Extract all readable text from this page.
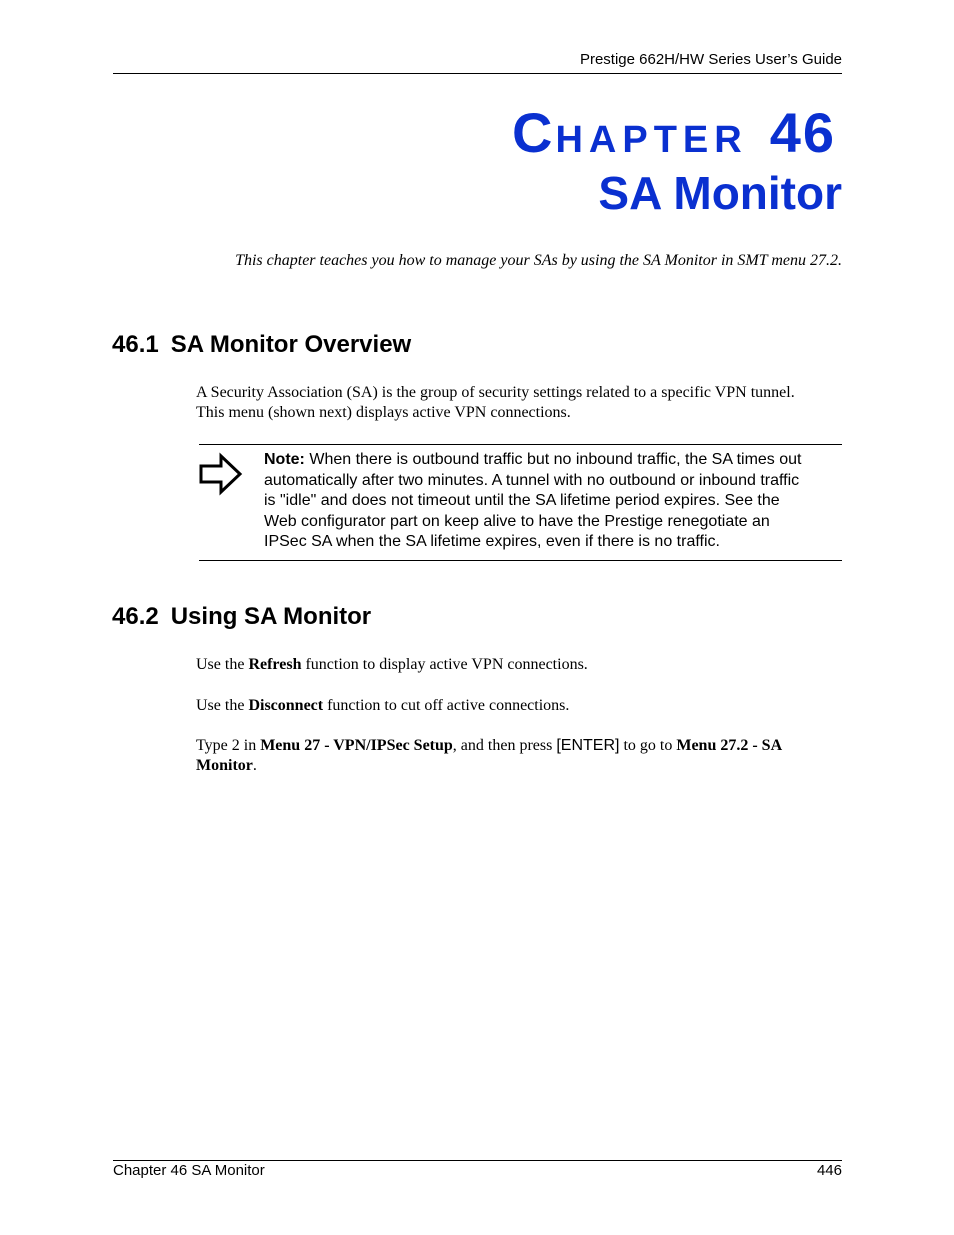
Prestige 662H/HW Series User’s Guide
CHAPTER 46
SA Monitor
This chapter teaches you how to manage your SAs by using the SA Monitor in SMT menu 27.2.
46.1 SA Monitor Overview
A Security Association (SA) is the group of security settings related to a specific VPN tunnel.
This menu (shown next) displays active VPN connections.
Note: When there is outbound traffic but no inbound traffic, the SA times out
automatically after two minutes. A tunnel with no outbound or inbound traffic
is "idle" and does not timeout until the SA lifetime period expires. See the
Web configurator part on keep alive to have the Prestige renegotiate an
IPSec SA when the SA lifetime expires, even if there is no traffic.
46.2 Using SA Monitor
Use the Refresh function to display active VPN connections.
Use the Disconnect function to cut off active connections.
Type 2 in Menu 27 - VPN/IPSec Setup, and then press [ENTER] to go to Menu 27.2 - SA
Monitor.
Chapter 46 SA Monitor	446
